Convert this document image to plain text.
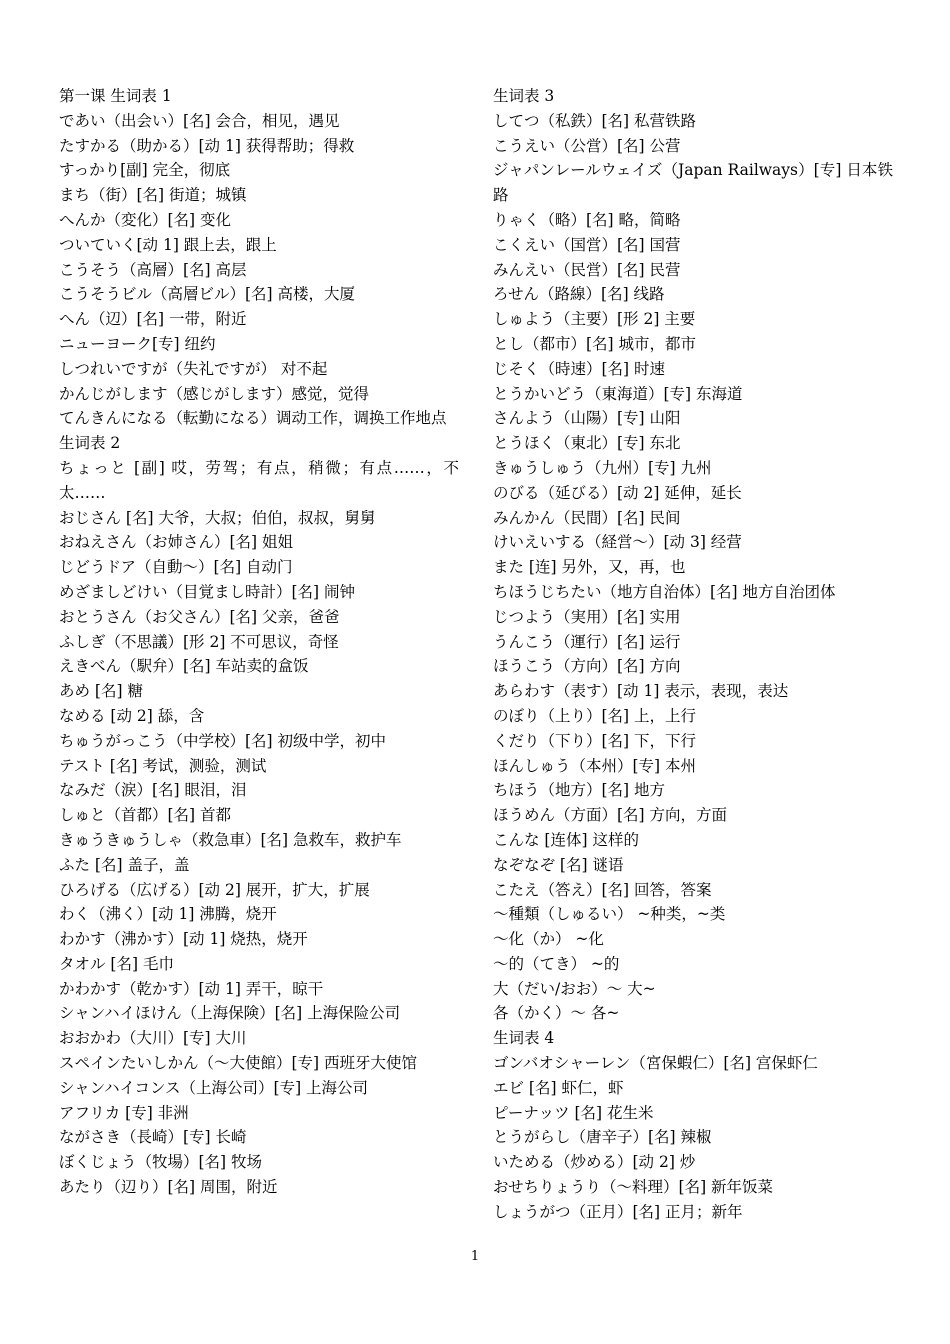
第一课 生词表 1
であい（出会い）[名] 会合，相见，遇见
たすかる（助かる）[动 1] 获得帮助；得救
すっかり[副] 完全，彻底
まち（街）[名] 街道；城镇
へんか（変化）[名] 变化
ついていく[动 1] 跟上去，跟上
こうそう（高層）[名] 高层
こうそうビル（高層ビル）[名] 高楼，大厦
へん（辺）[名] 一带，附近
ニューヨーク[专] 纽约
しつれいですが（失礼ですが） 对不起
かんじがします（感じがします）感觉，觉得
てんきんになる（転勤になる）调动工作，调换工作地点
生词表 2
ちょっと [副] 哎，劳驾；有点，稍微；有点……，不太……
おじさん [名] 大爷，大叔；伯伯，叔叔，舅舅
おねえさん（お姉さん）[名] 姐姐
じどうドア（自動～）[名] 自动门
めざましどけい（目覚まし時計）[名] 闹钟
おとうさん（お父さん）[名] 父亲，爸爸
ふしぎ（不思議）[形 2] 不可思议，奇怪
えきべん（駅弁）[名] 车站卖的盒饭
あめ [名] 糖
なめる [动 2] 舔，含
ちゅうがっこう（中学校）[名] 初级中学，初中
テスト [名] 考试，测验，测试
なみだ（涙）[名] 眼泪，泪
しゅと（首都）[名] 首都
きゅうきゅうしゃ（救急車）[名] 急救车，救护车
ふた [名] 盖子，盖
ひろげる（広げる）[动 2] 展开，扩大，扩展
わく（沸く）[动 1] 沸腾，烧开
わかす（沸かす）[动 1] 烧热，烧开
タオル [名] 毛巾
かわかす（乾かす）[动 1] 弄干，晾干
シャンハイほけん（上海保険）[名] 上海保险公司
おおかわ（大川）[专] 大川
スペインたいしかん（～大使館）[专] 西班牙大使馆
シャンハイコンス（上海公司）[专] 上海公司
アフリカ [专] 非洲
ながさき（長崎）[专] 长崎
ぼくじょう（牧場）[名] 牧场
あたり（辺り）[名] 周围，附近
生词表 3
してつ（私鉄）[名] 私营铁路
こうえい（公営）[名] 公营
ジャパンレールウェイズ（Japan Railways）[专] 日本铁路
りゃく（略）[名] 略，简略
こくえい（国営）[名] 国营
みんえい（民営）[名] 民营
ろせん（路線）[名] 线路
しゅよう（主要）[形 2] 主要
とし（都市）[名] 城市，都市
じそく（時速）[名] 时速
とうかいどう（東海道）[专] 东海道
さんよう（山陽）[专] 山阳
とうほく（東北）[专] 东北
きゅうしゅう（九州）[专] 九州
のびる（延びる）[动 2] 延伸，延长
みんかん（民間）[名] 民间
けいえいする（経営～）[动 3] 经营
また [连] 另外，又，再，也
ちほうじちたい（地方自治体）[名] 地方自治团体
じつよう（実用）[名] 实用
うんこう（運行）[名] 运行
ほうこう（方向）[名] 方向
あらわす（表す）[动 1] 表示，表现，表达
のぼり（上り）[名] 上，上行
くだり（下り）[名] 下，下行
ほんしゅう（本州）[专] 本州
ちほう（地方）[名] 地方
ほうめん（方面）[名] 方向，方面
こんな [连体] 这样的
なぞなぞ [名] 谜语
こたえ（答え）[名] 回答，答案
～種類（しゅるい） ~种类，~类
～化（か） ~化
～的（てき） ~的
大（だい/おお）～ 大~
各（かく）～ 各~
生词表 4
ゴンバオシャーレン（宮保蝦仁）[名] 宫保虾仁
エビ [名] 虾仁，虾
ピーナッツ [名] 花生米
とうがらし（唐辛子）[名] 辣椒
いためる（炒める）[动 2] 炒
おせちりょうり（～料理）[名] 新年饭菜
しょうがつ（正月）[名] 正月；新年
1
